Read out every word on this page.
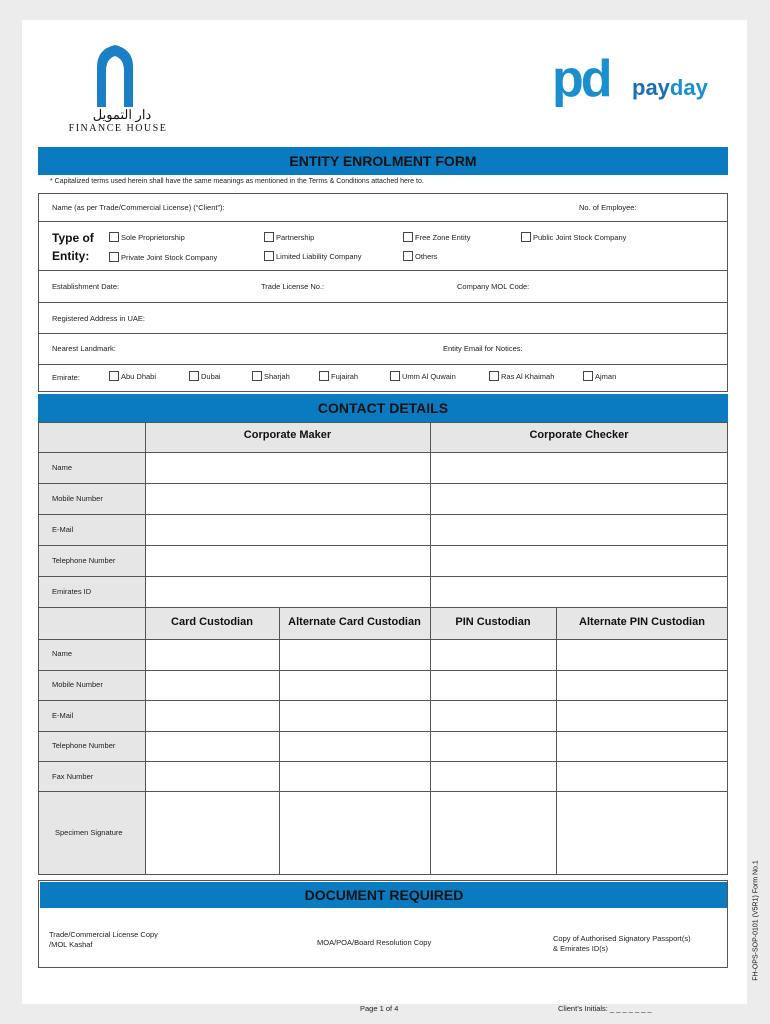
دار التمويل
FINANCE HOUSE
pd payday
ENTITY ENROLMENT FORM
* Capitalized terms used herein shall have the same meanings as mentioned in the Terms & Conditions attached here to.
Name (as per Trade/Commercial License) (“Client”):	No. of Employee:
Type of
Entity:
Sole Proprietorship	Partnership	Free Zone Entity	Public Joint Stock Company
Private Joint Stock Company	Limited Liability Company	Others
Establishment Date:	Trade License No.:	Company MOL Code:
Registered Address in UAE:
Nearest Landmark:	Entity Email for Notices:
Emirate:	Abu Dhabi	Dubai	Sharjah	Fujairah	Umm Al Quwain	Ras Al Khaimah	Ajman
CONTACT DETAILS
Corporate Maker	Corporate Checker
Name
Mobile Number
E-Mail
Telephone Number
Emirates ID
Card Custodian	Alternate Card Custodian	PIN Custodian	Alternate PIN Custodian
Name
Mobile Number
E-Mail
Telephone Number
Fax Number
Specimen Signature
DOCUMENT REQUIRED
Trade/Commercial License Copy
/MOL Kashaf	MOA/POA/Board Resolution Copy	Copy of Authorised Signatory Passport(s)
& Emirates ID(s)
Page 1 of 4	Client’s Initials: _ _ _ _ _ _ _
FH-OPS-SOP-0101 (V5R1) Form No.1
